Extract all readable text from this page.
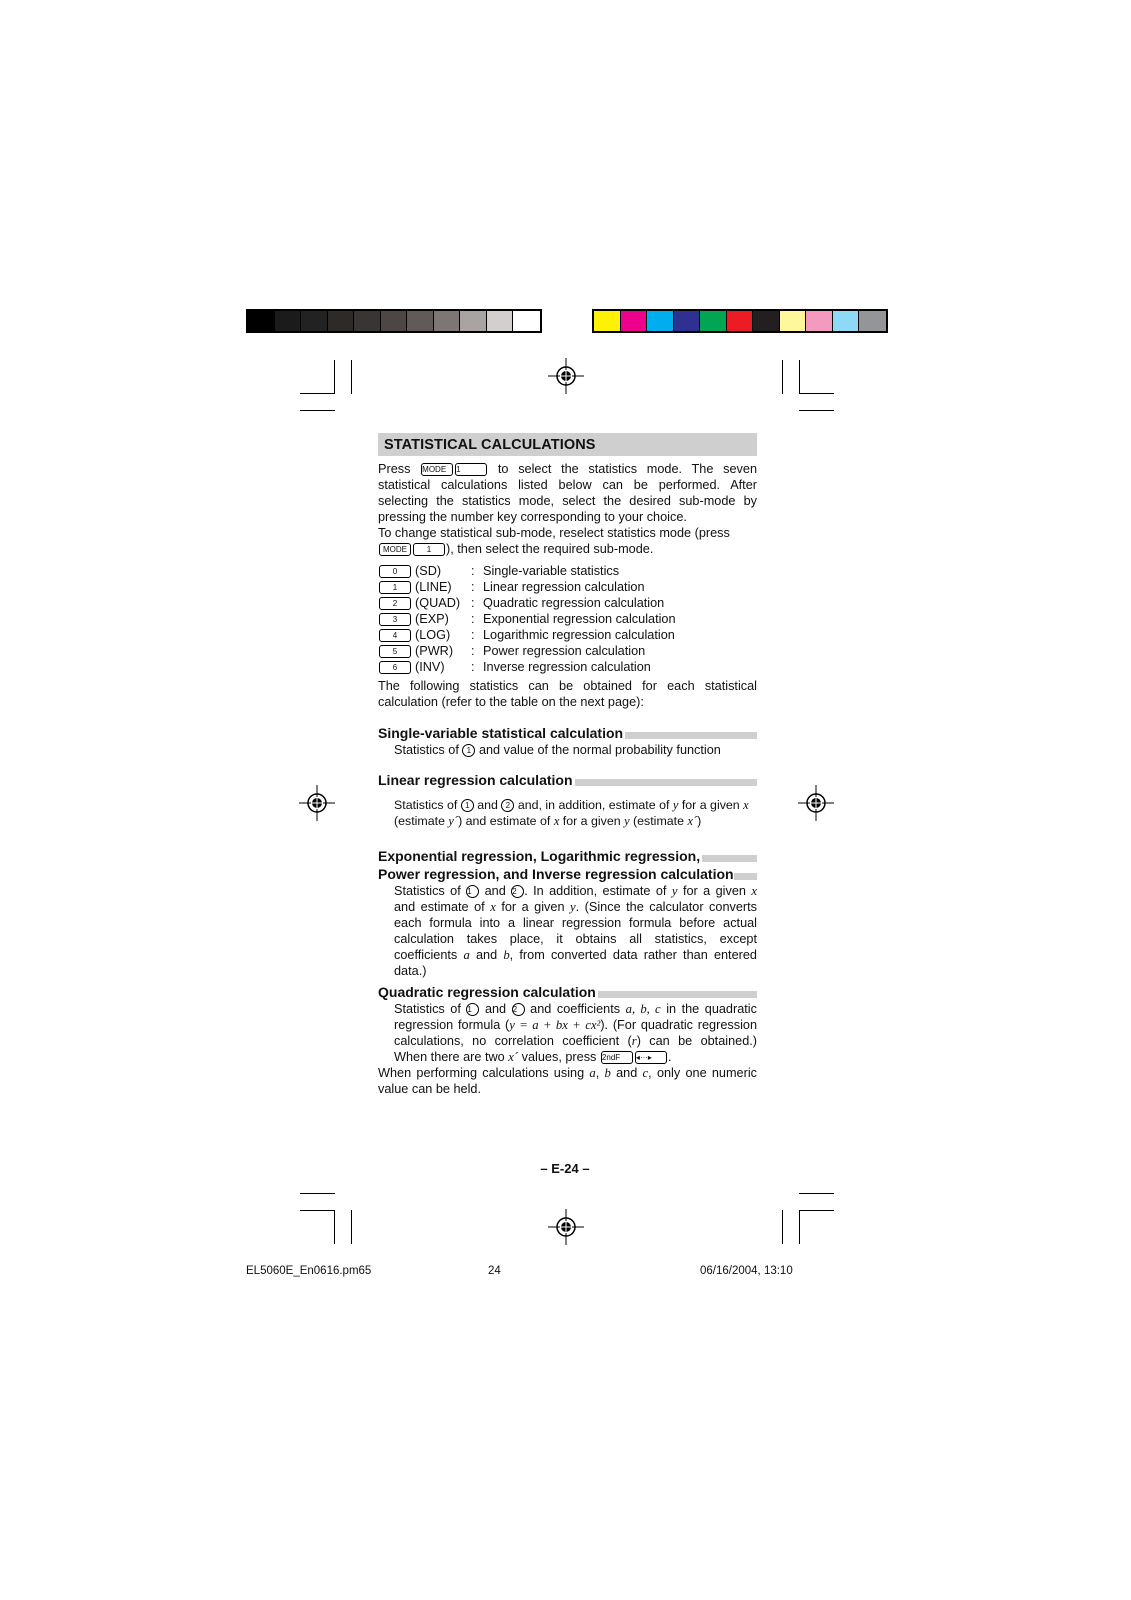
STATISTICAL CALCULATIONS

Press MODE 1	to select the statistics mode. The seven statistical calculations listed below can be performed. After selecting the statistics mode, select the desired sub-mode by pressing the number key corresponding to your choice.

To change statistical sub-mode, reselect statistics mode (press MODE 1 ), then select the required sub-mode.

0	(SD)	: Single-variable statistics
1	(LINE)	: Linear regression calculation
2	(QUAD) : Quadratic regression calculation
3	(EXP)	: Exponential regression calculation
4	(LOG)	: Logarithmic regression calculation
5	(PWR)	: Power regression calculation
6	(INV)	: Inverse regression calculation

The following statistics can be obtained for each statistical calculation (refer to the table on the next page):

Single-variable statistical calculation

Statistics of 1 and value of the normal probability function

Linear regression calculation

Statistics of 1 and 2 and, in addition, estimate of y for a given x (estimate y´) and estimate of x for a given y (estimate x´)

Exponential regression, Logarithmic regression,
Power regression, and Inverse regression calculation

Statistics of 1 and 2 . In addition, estimate of y for a given x and estimate of x for a given y. (Since the calculator converts each formula into a linear regression formula before actual calculation takes place, it obtains all statistics, except coefficients a and b, from converted data rather than entered data.)

Quadratic regression calculation

Statistics of 1 and 2 and coefficients a, b, c in the quadratic regression formula (y = a + bx + cx²). (For quadratic regression calculations, no correlation coefficient (r) can be obtained.) When there are two x´ values, press 2ndF ◂···▸ .

When performing calculations using a, b and c, only one numeric value can be held.

– E-24 –
EL5060E_En0616.pm65	24	06/16/2004, 13:10
